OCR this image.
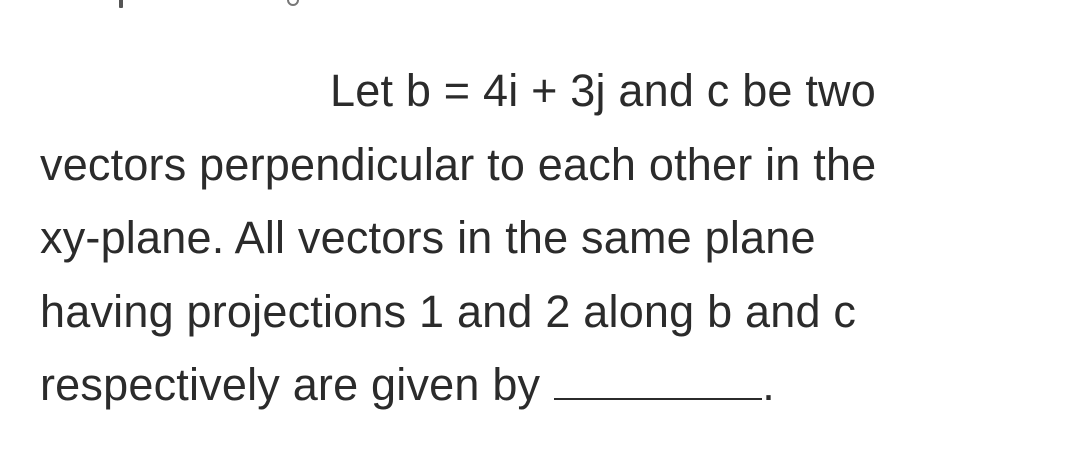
Let b = 4i + 3j and c be two
vectors perpendicular to each other in the
xy-plane. All vectors in the same plane
having projections 1 and 2 along b and c
respectively are given by	.
